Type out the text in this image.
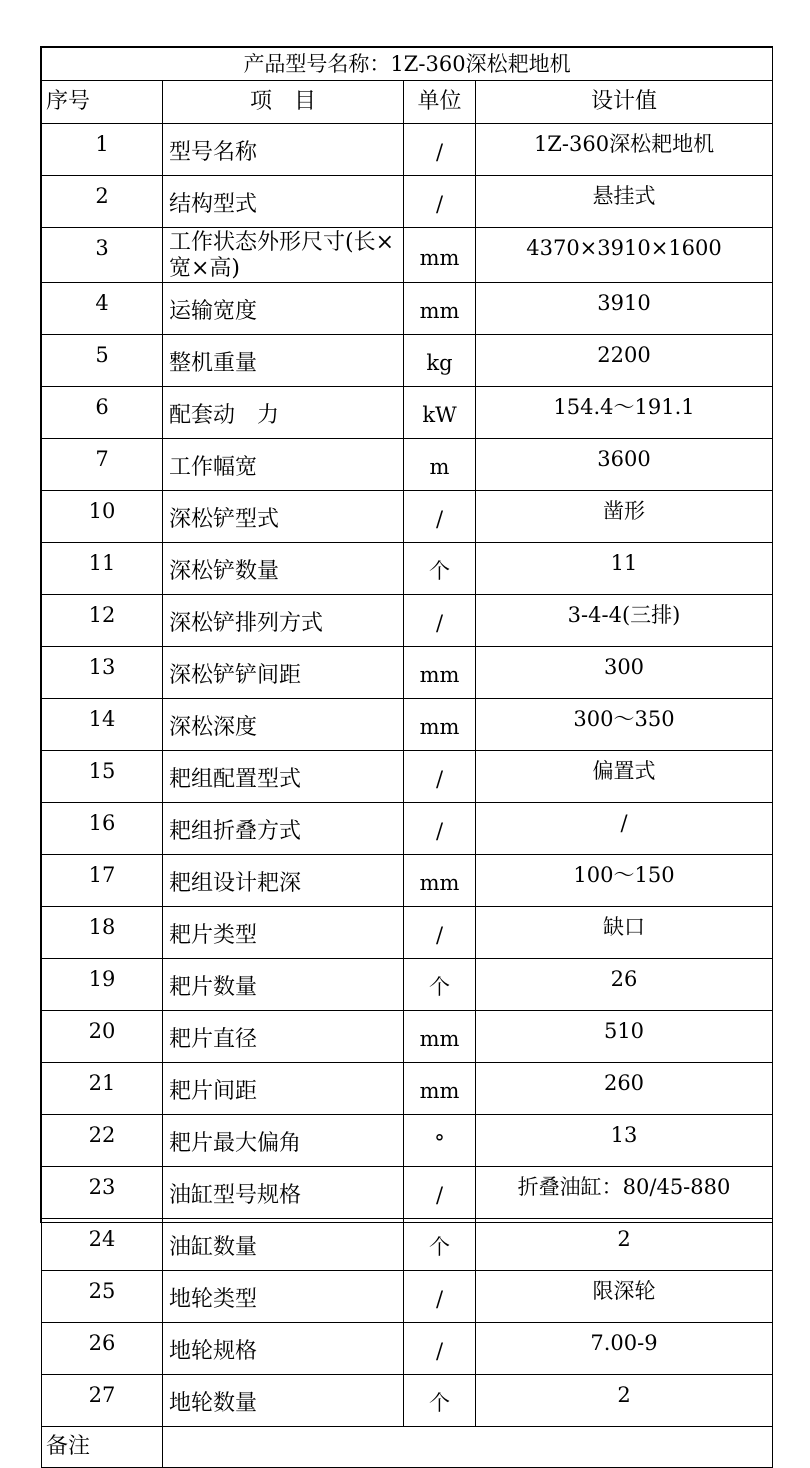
产品型号名称：1Z-360深松耙地机			
序号	项　目	单位	设计值
1	型号名称	/	1Z-360深松耙地机
2	结构型式	/	悬挂式
3	工作状态外形尺寸(长×宽×高)	mm	4370×3910×1600
4	运输宽度	mm	3910
5	整机重量	kg	2200
6	配套动　力	kW	154.4～191.1
7	工作幅宽	m	3600
10	深松铲型式	/	凿形
11	深松铲数量	个	11
12	深松铲排列方式	/	3-4-4(三排)
13	深松铲铲间距	mm	300
14	深松深度	mm	300～350
15	耙组配置型式	/	偏置式
16	耙组折叠方式	/	/
17	耙组设计耙深	mm	100～150
18	耙片类型	/	缺口
19	耙片数量	个	26
20	耙片直径	mm	510
21	耙片间距	mm	260
22	耙片最大偏角	°	13
23	油缸型号规格	/	折叠油缸：80/45-880
24	油缸数量	个	2
25	地轮类型	/	限深轮
26	地轮规格	/	7.00-9
27	地轮数量	个	2
备注			
